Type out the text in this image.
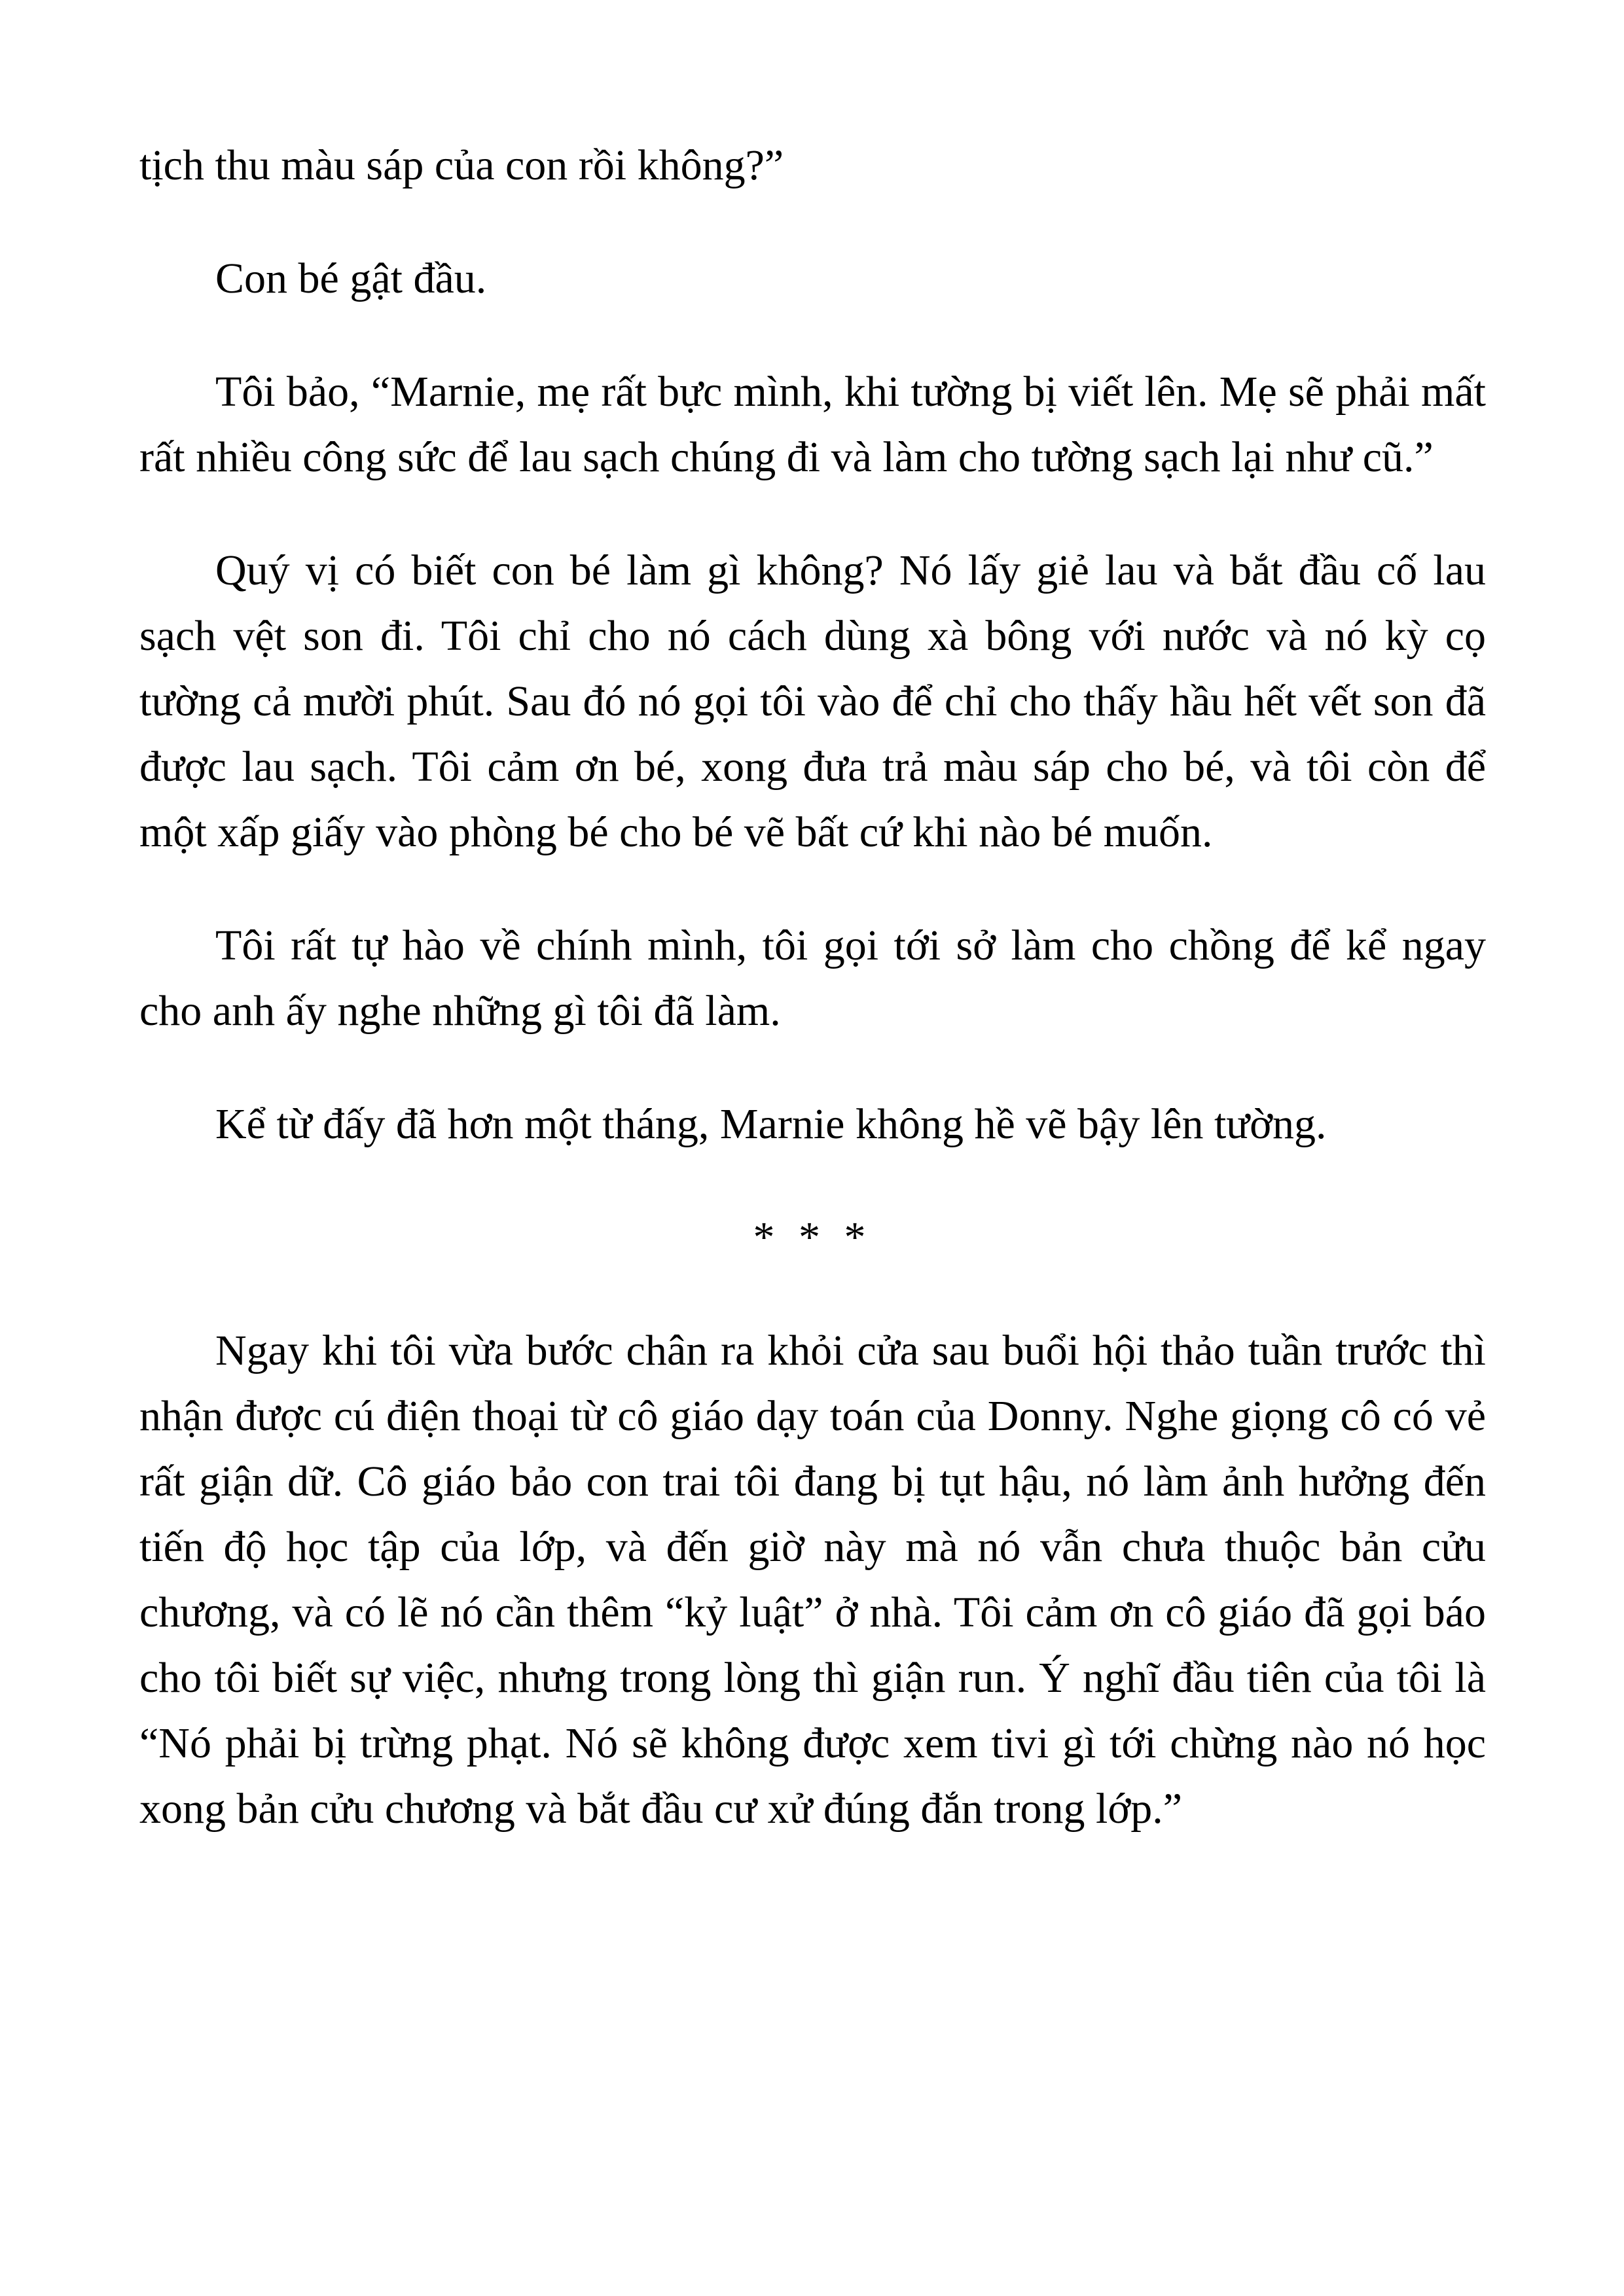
tịch thu màu sáp của con rồi không?”

Con bé gật đầu.

Tôi bảo, “Marnie, mẹ rất bực mình, khi tường bị viết lên. Mẹ sẽ phải mất rất nhiều công sức để lau sạch chúng đi và làm cho tường sạch lại như cũ.”

Quý vị có biết con bé làm gì không? Nó lấy giẻ lau và bắt đầu cố lau sạch vệt son đi. Tôi chỉ cho nó cách dùng xà bông với nước và nó kỳ cọ tường cả mười phút. Sau đó nó gọi tôi vào để chỉ cho thấy hầu hết vết son đã được lau sạch. Tôi cảm ơn bé, xong đưa trả màu sáp cho bé, và tôi còn để một xấp giấy vào phòng bé cho bé vẽ bất cứ khi nào bé muốn.

Tôi rất tự hào về chính mình, tôi gọi tới sở làm cho chồng để kể ngay cho anh ấy nghe những gì tôi đã làm.

Kể từ đấy đã hơn một tháng, Marnie không hề vẽ bậy lên tường.

* * *

Ngay khi tôi vừa bước chân ra khỏi cửa sau buổi hội thảo tuần trước thì nhận được cú điện thoại từ cô giáo dạy toán của Donny. Nghe giọng cô có vẻ rất giận dữ. Cô giáo bảo con trai tôi đang bị tụt hậu, nó làm ảnh hưởng đến tiến độ học tập của lớp, và đến giờ này mà nó vẫn chưa thuộc bản cửu chương, và có lẽ nó cần thêm “kỷ luật” ở nhà. Tôi cảm ơn cô giáo đã gọi báo cho tôi biết sự việc, nhưng trong lòng thì giận run. Ý nghĩ đầu tiên của tôi là “Nó phải bị trừng phạt. Nó sẽ không được xem tivi gì tới chừng nào nó học xong bản cửu chương và bắt đầu cư xử đúng đắn trong lớp.”
